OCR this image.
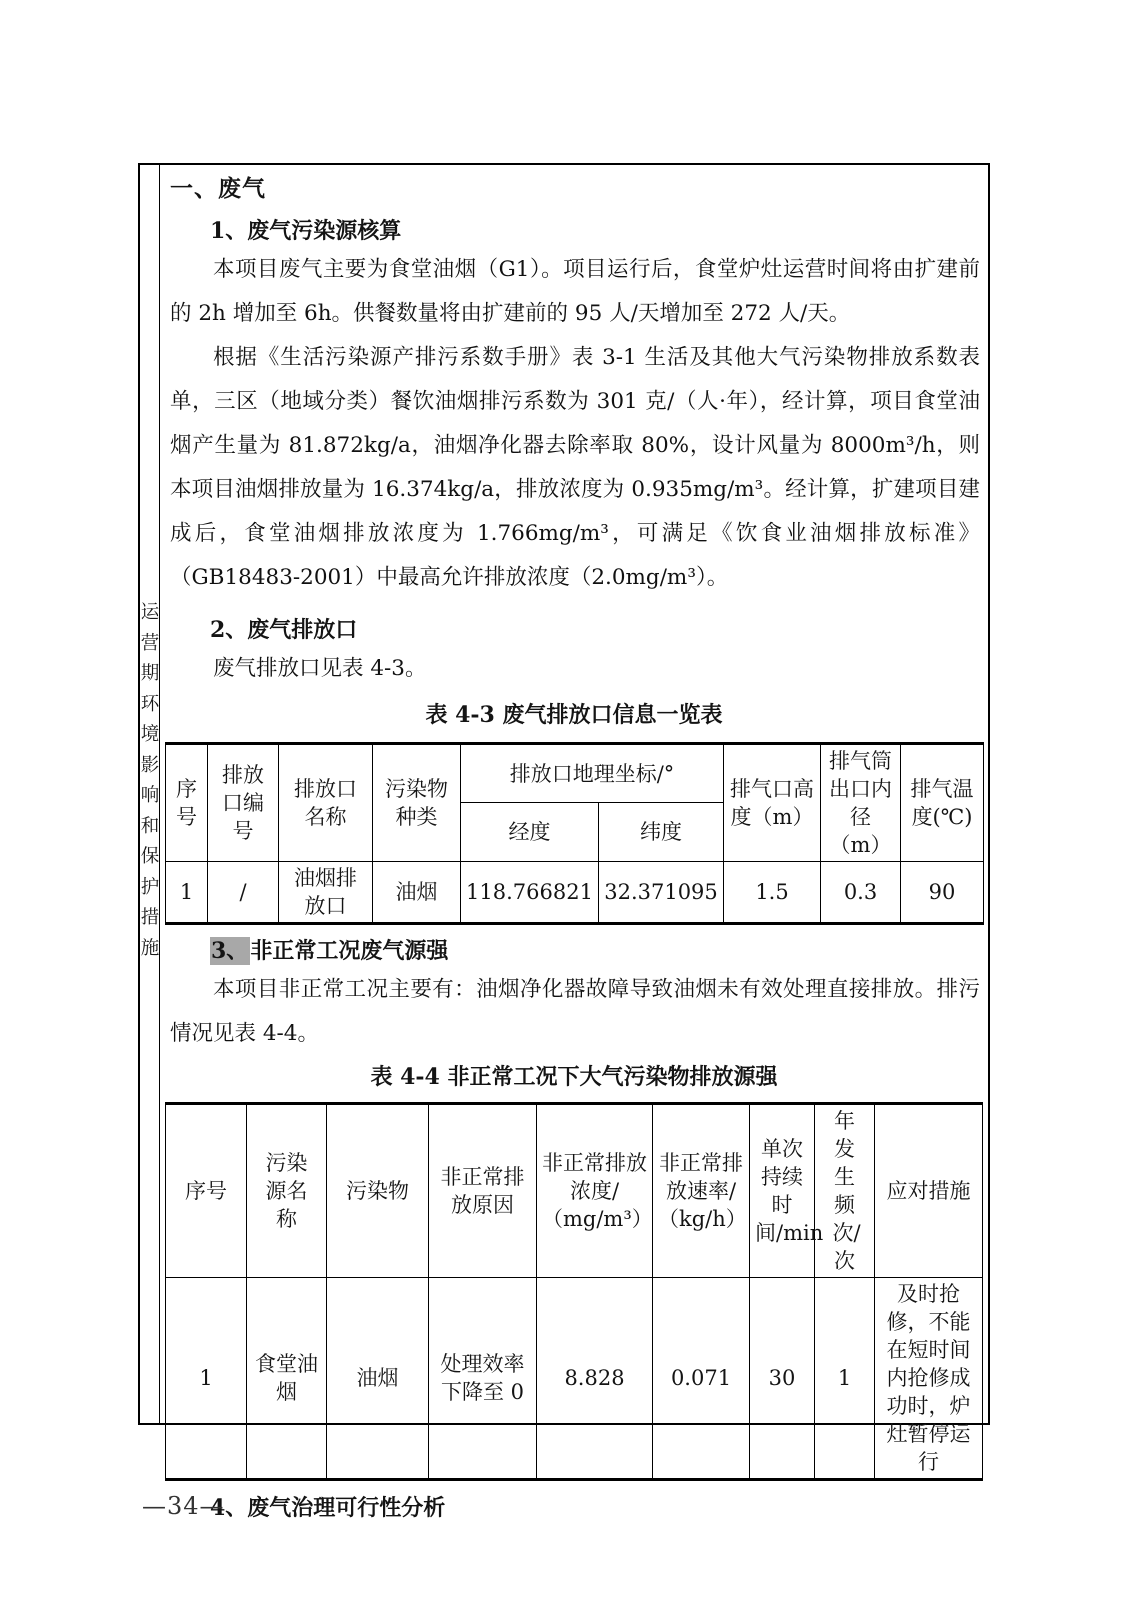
运营期环境影响和保护措施
一、废气
1、废气污染源核算

本项目废气主要为食堂油烟（G1）。项目运行后，食堂炉灶运营时间将由扩建前的 2h 增加至 6h。供餐数量将由扩建前的 95 人/天增加至 272 人/天。

根据《生活污染源产排污系数手册》表 3-1 生活及其他大气污染物排放系数表单，三区（地域分类）餐饮油烟排污系数为 301 克/（人·年），经计算，项目食堂油烟产生量为 81.872kg/a，油烟净化器去除率取 80%，设计风量为 8000m³/h，则本项目油烟排放量为 16.374kg/a，排放浓度为 0.935mg/m³。经计算，扩建项目建成后，食堂油烟排放浓度为 1.766mg/m³，可满足《饮食业油烟排放标准》（GB18483-2001）中最高允许排放浓度（2.0mg/m³）。

2、废气排放口

废气排放口见表 4-3。

表 4-3 废气排放口信息一览表
序号	排放口编号	排放口名称	污染物种类	排放口地理坐标/°		排气口高度（m）	排气筒出口内径（m）	排气温度(℃)
				经度	纬度			
1	/	油烟排放口	油烟	118.766821	32.371095	1.5	0.3	90
3、非正常工况废气源强

本项目非正常工况主要有：油烟净化器故障导致油烟未有效处理直接排放。排污情况见表 4-4。

表 4-4 非正常工况下大气污染物排放源强
序号	污染源名称	污染物	非正常排放原因	非正常排放浓度/（mg/m³）	非正常排放速率/（kg/h）	单次持续时间/min	年发生频次/次	应对措施
1	食堂油烟	油烟	处理效率下降至 0	8.828	0.071	30	1	及时抢修，不能在短时间内抢修成功时，炉灶暂停运行
4、废气治理可行性分析
—34—
